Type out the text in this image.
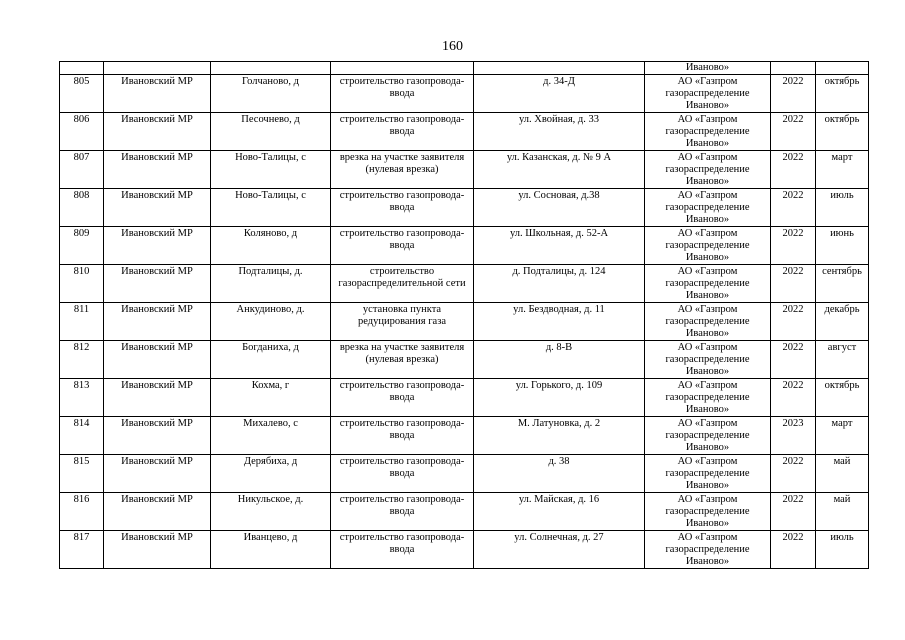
160
					Иваново»		
805	Ивановский МР	Голчаново, д	строительство газопровода-ввода	д. 34-Д	АО «Газпром газораспределение Иваново»	2022	октябрь
806	Ивановский МР	Песочнево, д	строительство газопровода-ввода	ул. Хвойная, д. 33	АО «Газпром газораспределение Иваново»	2022	октябрь
807	Ивановский МР	Ново-Талицы, с	врезка на участке заявителя (нулевая врезка)	ул. Казанская, д. № 9 А	АО «Газпром газораспределение Иваново»	2022	март
808	Ивановский МР	Ново-Талицы, с	строительство газопровода-ввода	ул. Сосновая, д.38	АО «Газпром газораспределение Иваново»	2022	июль
809	Ивановский МР	Коляново, д	строительство газопровода-ввода	ул. Школьная, д. 52-А	АО «Газпром газораспределение Иваново»	2022	июнь
810	Ивановский МР	Подталицы, д.	строительство газораспределительной сети	д. Подталицы, д. 124	АО «Газпром газораспределение Иваново»	2022	сентябрь
811	Ивановский МР	Анкудиново, д.	установка пункта редуцирования газа	ул. Бездводная, д. 11	АО «Газпром газораспределение Иваново»	2022	декабрь
812	Ивановский МР	Богданиха, д	врезка на участке заявителя (нулевая врезка)	д. 8-В	АО «Газпром газораспределение Иваново»	2022	август
813	Ивановский МР	Кохма, г	строительство газопровода-ввода	ул. Горького, д. 109	АО «Газпром газораспределение Иваново»	2022	октябрь
814	Ивановский МР	Михалево, с	строительство газопровода-ввода	М. Латуновка, д. 2	АО «Газпром газораспределение Иваново»	2023	март
815	Ивановский МР	Дерябиха, д	строительство газопровода-ввода	д. 38	АО «Газпром газораспределение Иваново»	2022	май
816	Ивановский МР	Никульское, д.	строительство газопровода-ввода	ул. Майская, д. 16	АО «Газпром газораспределение Иваново»	2022	май
817	Ивановский МР	Иванцево, д	строительство газопровода-ввода	ул. Солнечная, д. 27	АО «Газпром газораспределение Иваново»	2022	июль
